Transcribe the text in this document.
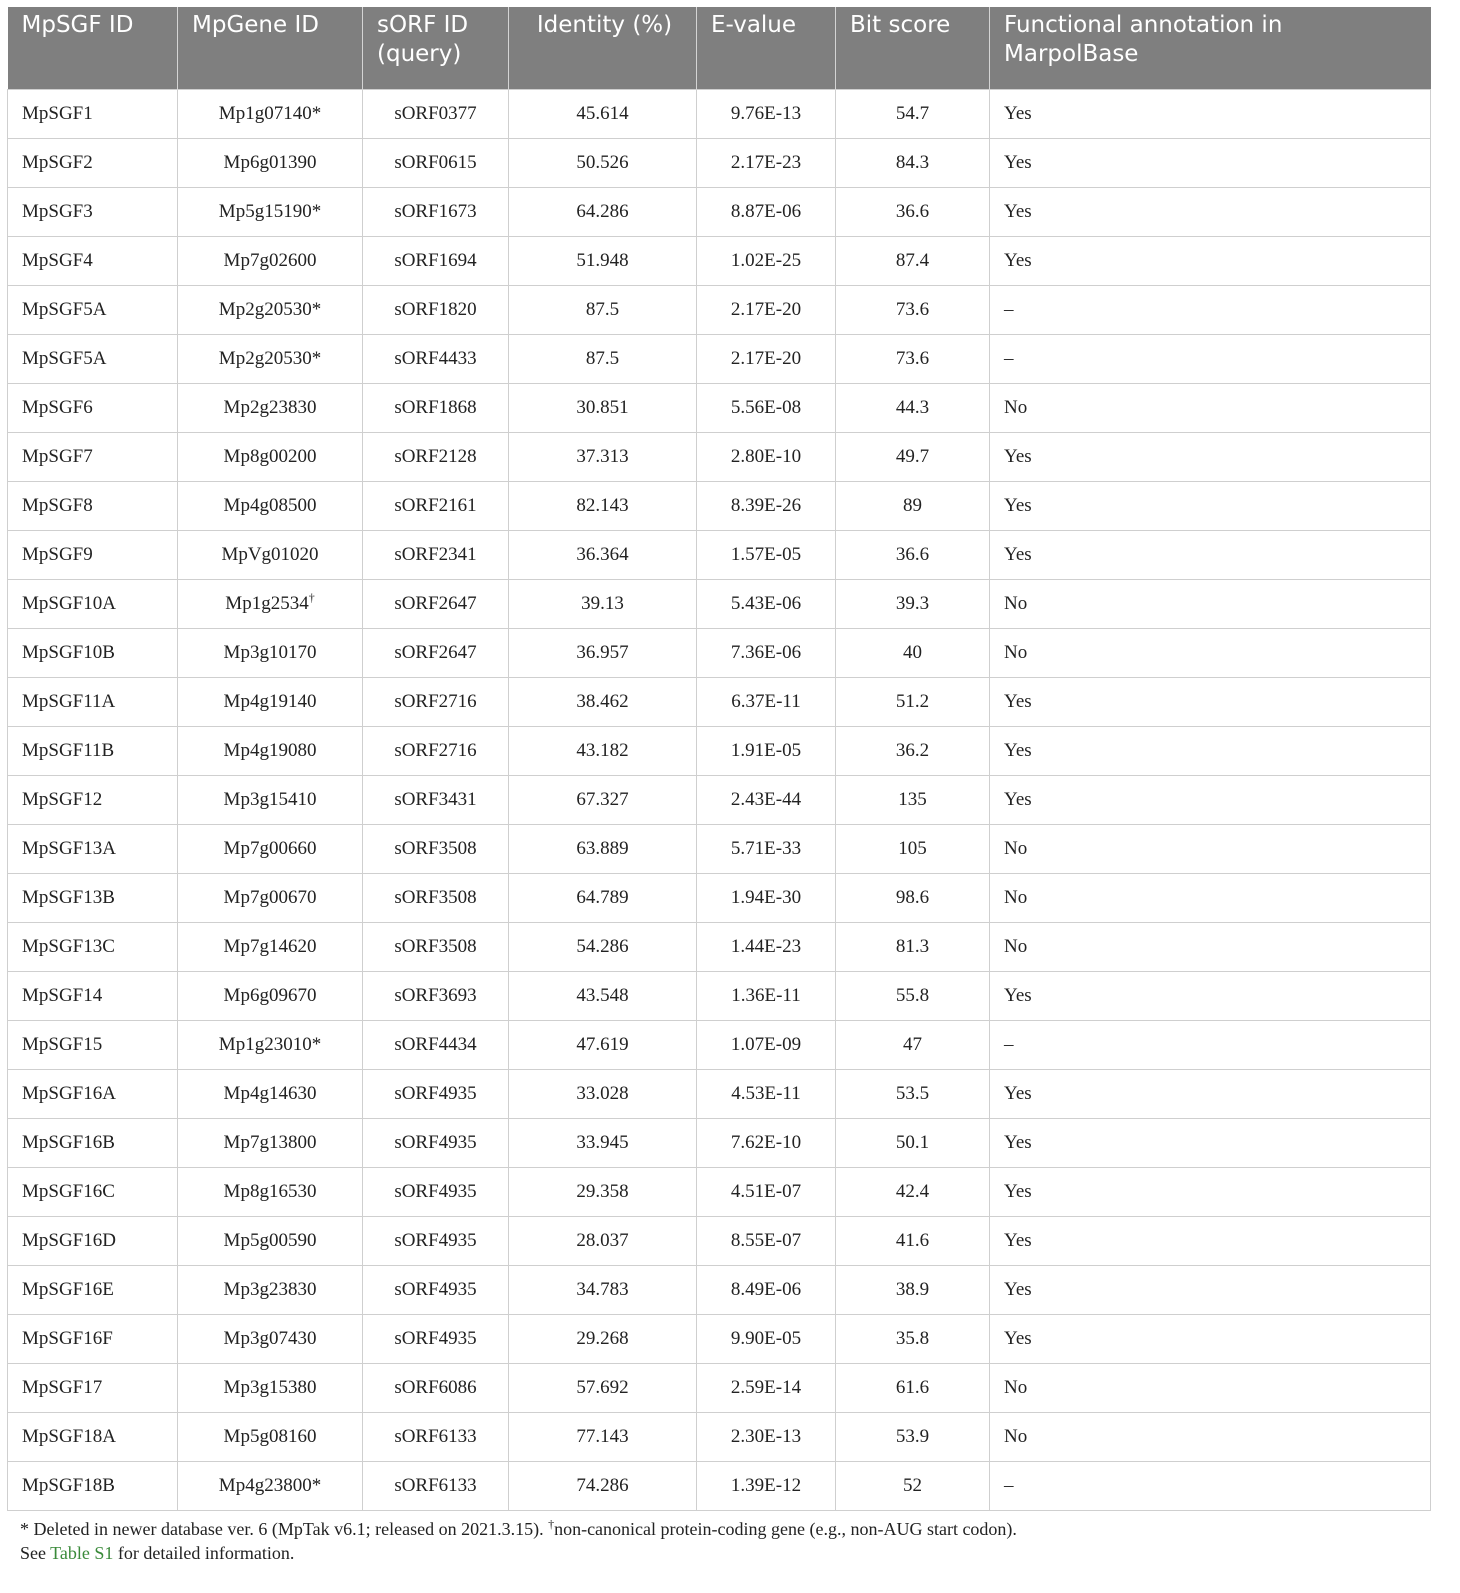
MpSGF ID	MpGene ID	sORF ID (query)	Identity (%)	E-value	Bit score	Functional annotation in MarpolBase
MpSGF1	Mp1g07140*	sORF0377	45.614	9.76E-13	54.7	Yes
MpSGF2	Mp6g01390	sORF0615	50.526	2.17E-23	84.3	Yes
MpSGF3	Mp5g15190*	sORF1673	64.286	8.87E-06	36.6	Yes
MpSGF4	Mp7g02600	sORF1694	51.948	1.02E-25	87.4	Yes
MpSGF5A	Mp2g20530*	sORF1820	87.5	2.17E-20	73.6	–
MpSGF5A	Mp2g20530*	sORF4433	87.5	2.17E-20	73.6	–
MpSGF6	Mp2g23830	sORF1868	30.851	5.56E-08	44.3	No
MpSGF7	Mp8g00200	sORF2128	37.313	2.80E-10	49.7	Yes
MpSGF8	Mp4g08500	sORF2161	82.143	8.39E-26	89	Yes
MpSGF9	MpVg01020	sORF2341	36.364	1.57E-05	36.6	Yes
MpSGF10A	Mp1g2534†	sORF2647	39.13	5.43E-06	39.3	No
MpSGF10B	Mp3g10170	sORF2647	36.957	7.36E-06	40	No
MpSGF11A	Mp4g19140	sORF2716	38.462	6.37E-11	51.2	Yes
MpSGF11B	Mp4g19080	sORF2716	43.182	1.91E-05	36.2	Yes
MpSGF12	Mp3g15410	sORF3431	67.327	2.43E-44	135	Yes
MpSGF13A	Mp7g00660	sORF3508	63.889	5.71E-33	105	No
MpSGF13B	Mp7g00670	sORF3508	64.789	1.94E-30	98.6	No
MpSGF13C	Mp7g14620	sORF3508	54.286	1.44E-23	81.3	No
MpSGF14	Mp6g09670	sORF3693	43.548	1.36E-11	55.8	Yes
MpSGF15	Mp1g23010*	sORF4434	47.619	1.07E-09	47	–
MpSGF16A	Mp4g14630	sORF4935	33.028	4.53E-11	53.5	Yes
MpSGF16B	Mp7g13800	sORF4935	33.945	7.62E-10	50.1	Yes
MpSGF16C	Mp8g16530	sORF4935	29.358	4.51E-07	42.4	Yes
MpSGF16D	Mp5g00590	sORF4935	28.037	8.55E-07	41.6	Yes
MpSGF16E	Mp3g23830	sORF4935	34.783	8.49E-06	38.9	Yes
MpSGF16F	Mp3g07430	sORF4935	29.268	9.90E-05	35.8	Yes
MpSGF17	Mp3g15380	sORF6086	57.692	2.59E-14	61.6	No
MpSGF18A	Mp5g08160	sORF6133	77.143	2.30E-13	53.9	No
MpSGF18B	Mp4g23800*	sORF6133	74.286	1.39E-12	52	–
* Deleted in newer database ver. 6 (MpTak v6.1; released on 2021.3.15). †non-canonical protein-coding gene (e.g., non-AUG start codon).
See Table S1 for detailed information.
